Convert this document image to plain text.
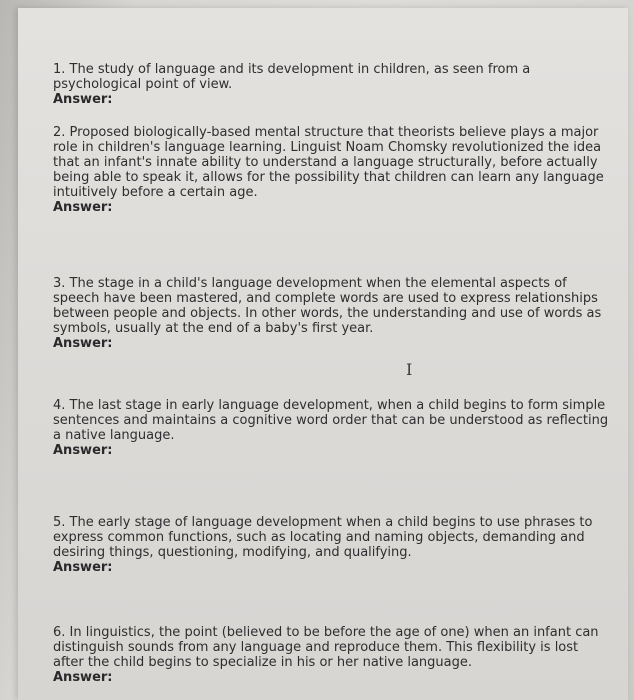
1. The study of language and its development in children, as seen from a psychological point of view.
Answer:
2. Proposed biologically-based mental structure that theorists believe plays a major role in children's language learning. Linguist Noam Chomsky revolutionized the idea that an infant's innate ability to understand a language structurally, before actually being able to speak it, allows for the possibility that children can learn any language intuitively before a certain age.
Answer:
3. The stage in a child's language development when the elemental aspects of speech have been mastered, and complete words are used to express relationships between people and objects. In other words, the understanding and use of words as symbols, usually at the end of a baby's first year.
Answer:
I
4. The last stage in early language development, when a child begins to form simple sentences and maintains a cognitive word order that can be understood as reflecting a native language.
Answer:
5. The early stage of language development when a child begins to use phrases to express common functions, such as locating and naming objects, demanding and desiring things, questioning, modifying, and qualifying.
Answer:
6. In linguistics, the point (believed to be before the age of one) when an infant can distinguish sounds from any language and reproduce them. This flexibility is lost after the child begins to specialize in his or her native language.
Answer:
